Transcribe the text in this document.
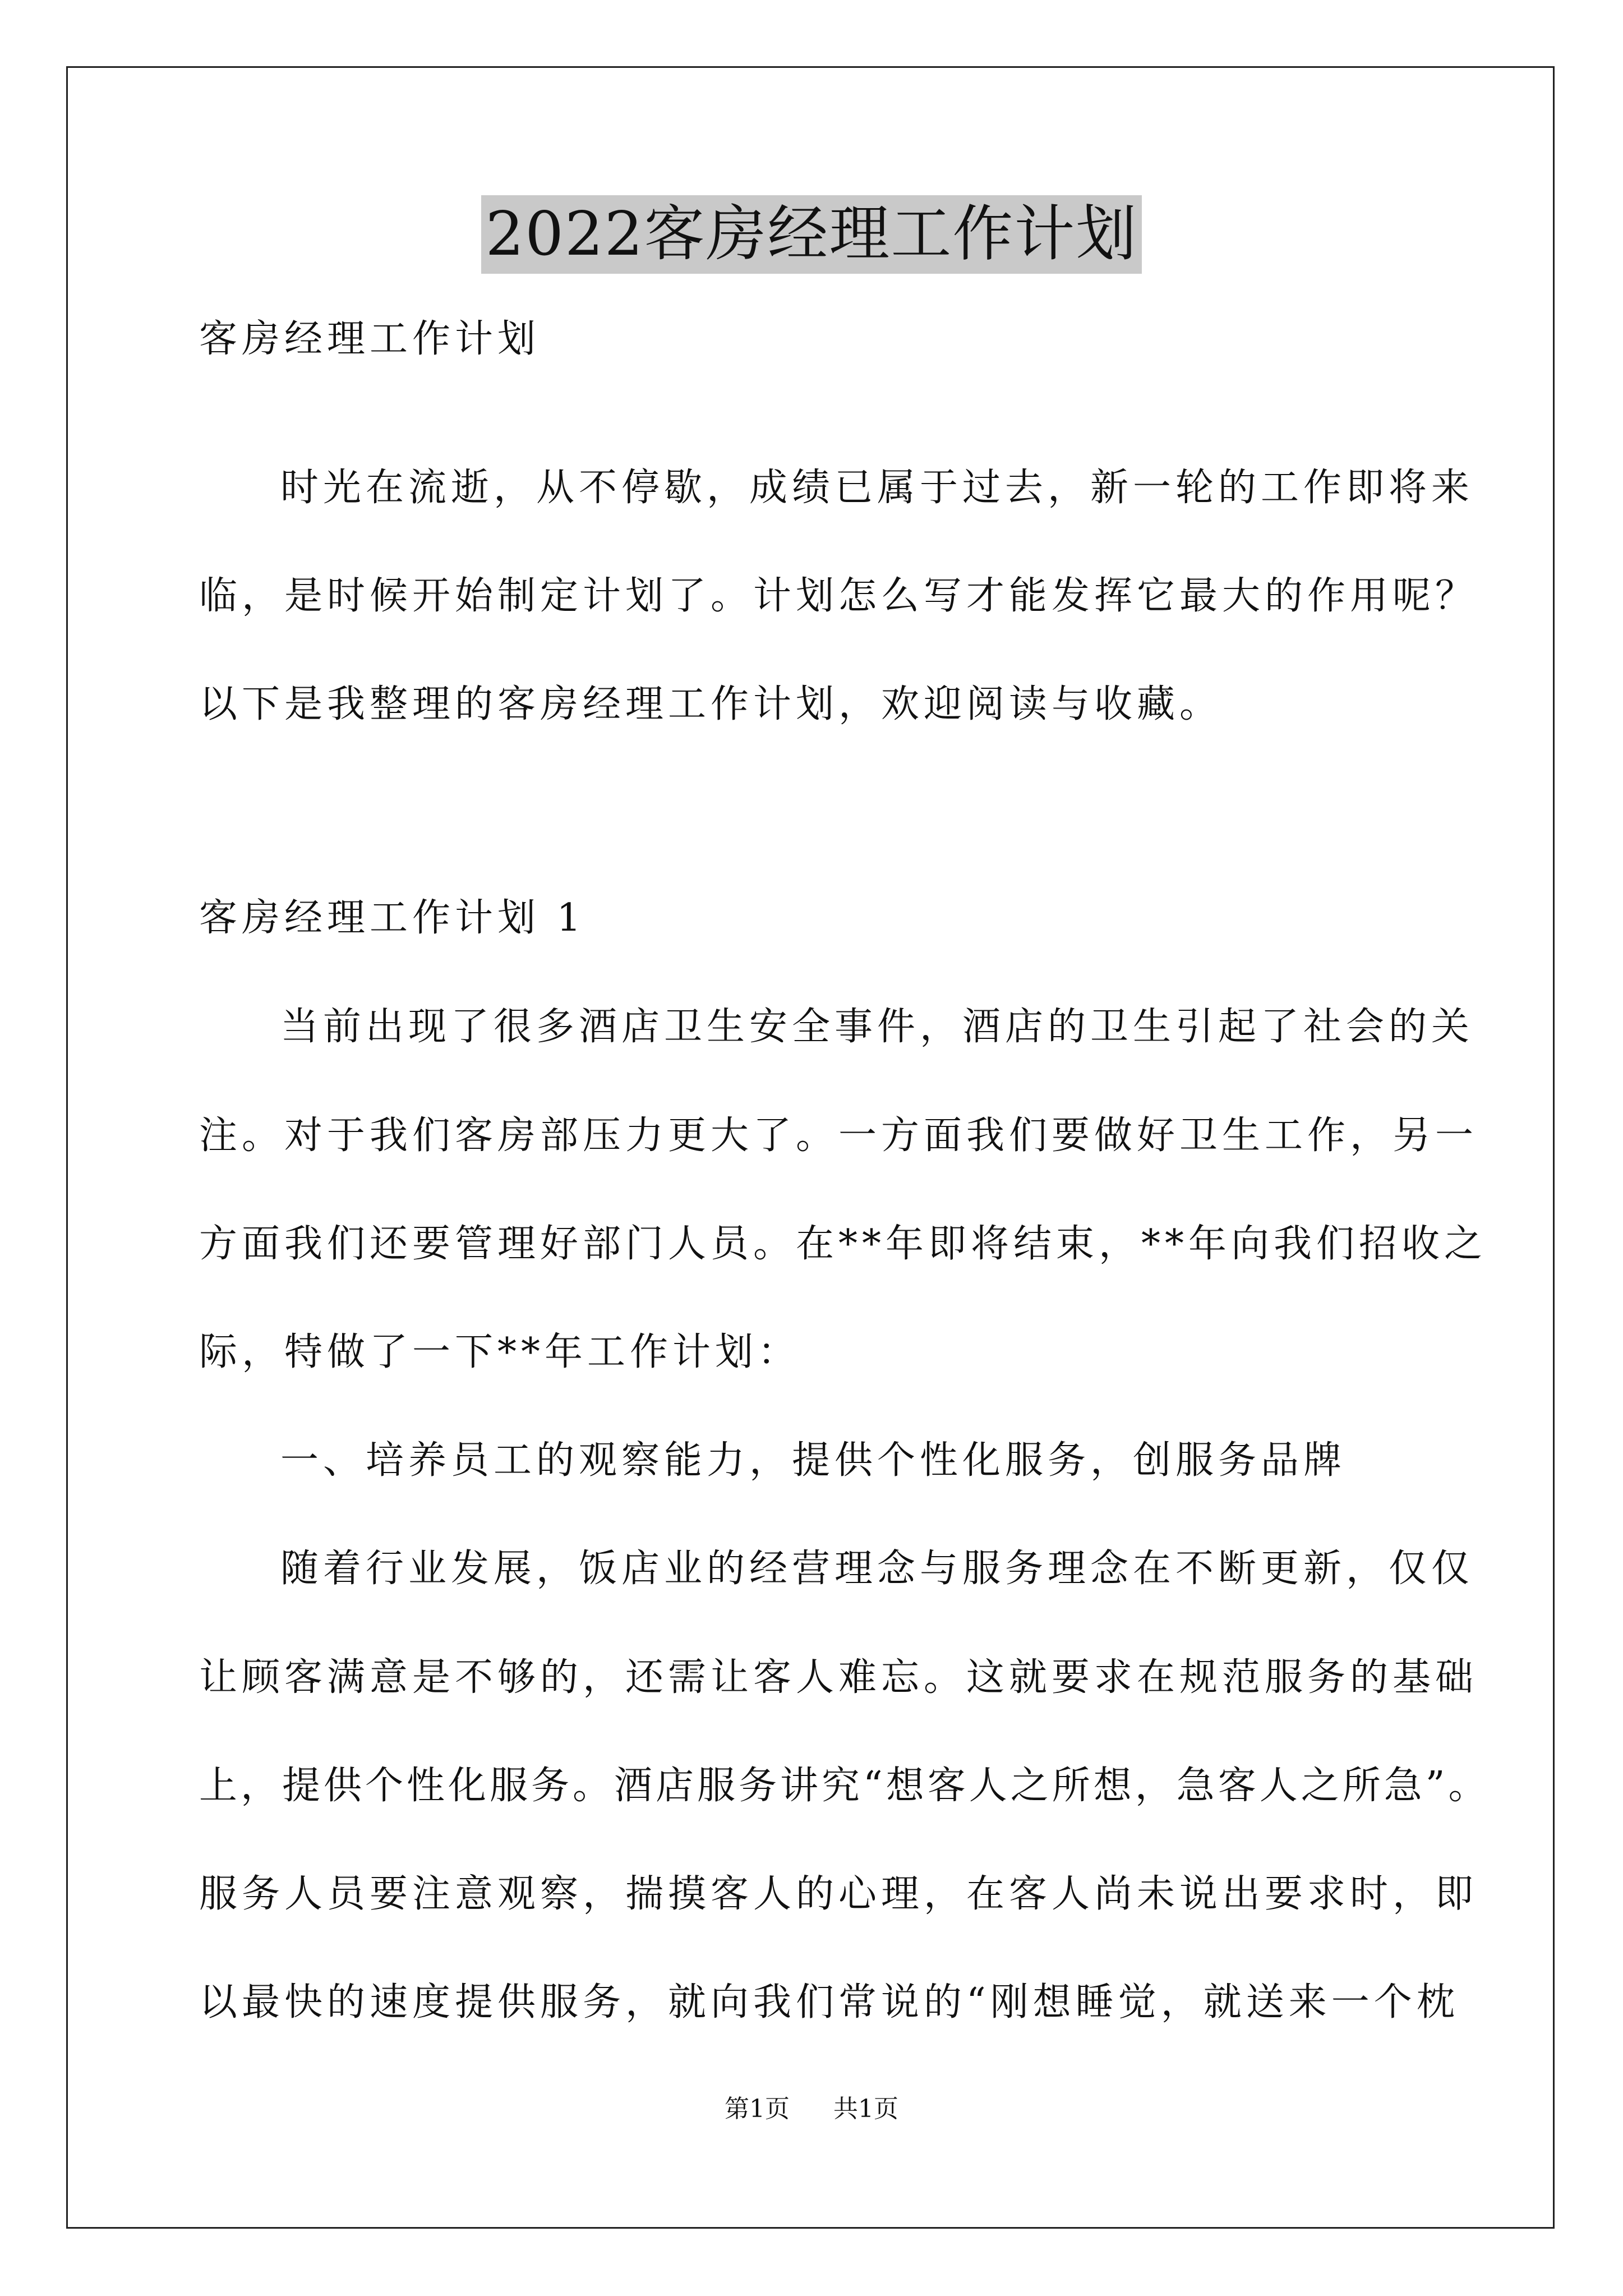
2022客房经理工作计划
客房经理工作计划
时光在流逝，从不停歇，成绩已属于过去，新一轮的工作即将来
临，是时候开始制定计划了。计划怎么写才能发挥它最大的作用呢？
以下是我整理的客房经理工作计划，欢迎阅读与收藏。
客房经理工作计划 1
当前出现了很多酒店卫生安全事件，酒店的卫生引起了社会的关
注。对于我们客房部压力更大了。一方面我们要做好卫生工作，另一
方面我们还要管理好部门人员。在**年即将结束，**年向我们招收之
际，特做了一下**年工作计划：
一、培养员工的观察能力，提供个性化服务，创服务品牌
随着行业发展，饭店业的经营理念与服务理念在不断更新，仅仅
让顾客满意是不够的，还需让客人难忘。这就要求在规范服务的基础
上，提供个性化服务。酒店服务讲究“想客人之所想，急客人之所急”。
服务人员要注意观察，揣摸客人的心理，在客人尚未说出要求时，即
以最快的速度提供服务，就向我们常说的“刚想睡觉，就送来一个枕
第1页 共1页
